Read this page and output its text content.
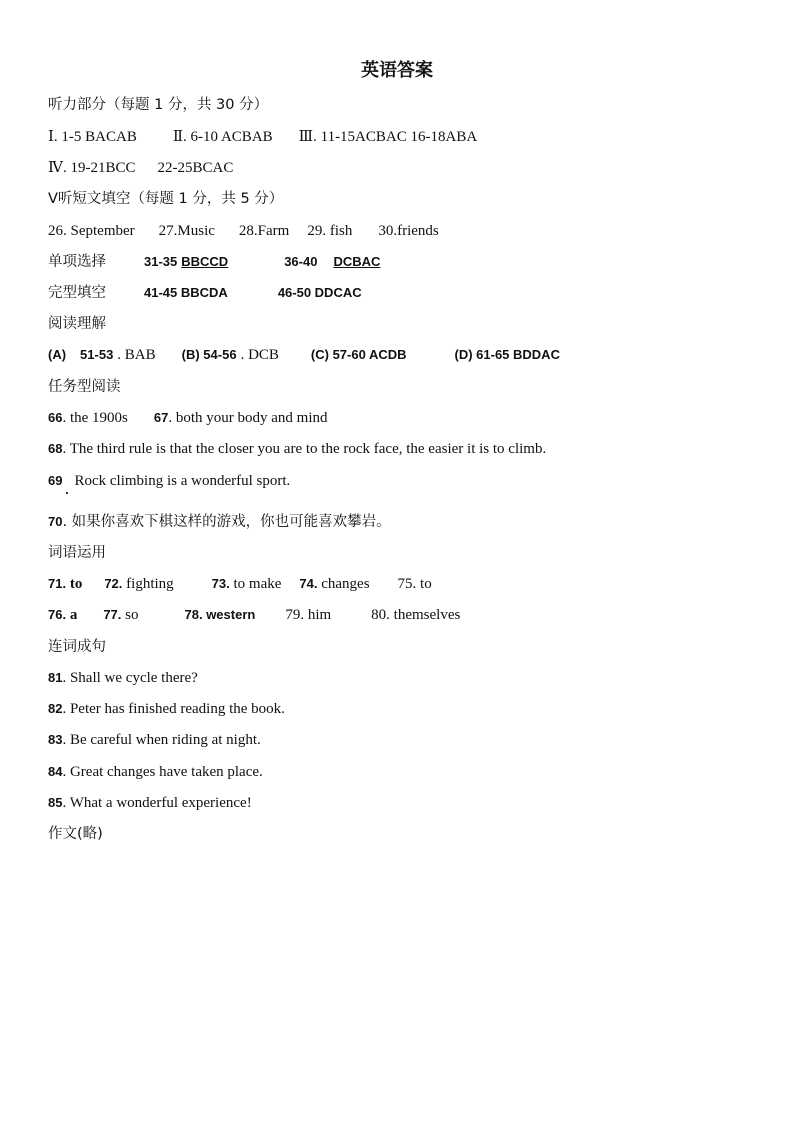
英语答案
听力部分（每题 1 分，共 30 分）
Ⅰ. 1-5 BACAB Ⅱ. 6-10 ACBAB Ⅲ. 11-15ACBAC 16-18ABA
Ⅳ. 19-21BCC 22-25BCAC
Ⅴ听短文填空（每题 1 分，共 5 分）
26. September 27.Music 28.Farm 29. fish 30.friends
单项选择	31-35 BBCCD	36-40 DCBAC
完型填空	41-45 BBCDA	46-50 DDCAC
阅读理解
(A) 51-53 . BAB (B) 54-56 . DCB (C) 57-60 ACDB	(D) 61-65 BDDAC
任务型阅读
66. the 1900s 67. both your body and mind
68. The third rule is that the closer you are to the rock face, the easier it is to climb.
69 Rock climbing is a wonderful sport.
70. 如果你喜欢下棋这样的游戏，你也可能喜欢攀岩。
词语运用
71. to 72. fighting	73. to make 74. changes 75. to
76. a 77. so	78. western 79. him	80. themselves
连词成句
81. Shall we cycle there?
82. Peter has finished reading the book.
83. Be careful when riding at night.
84. Great changes have taken place.
85. What a wonderful experience!
作文(略)
